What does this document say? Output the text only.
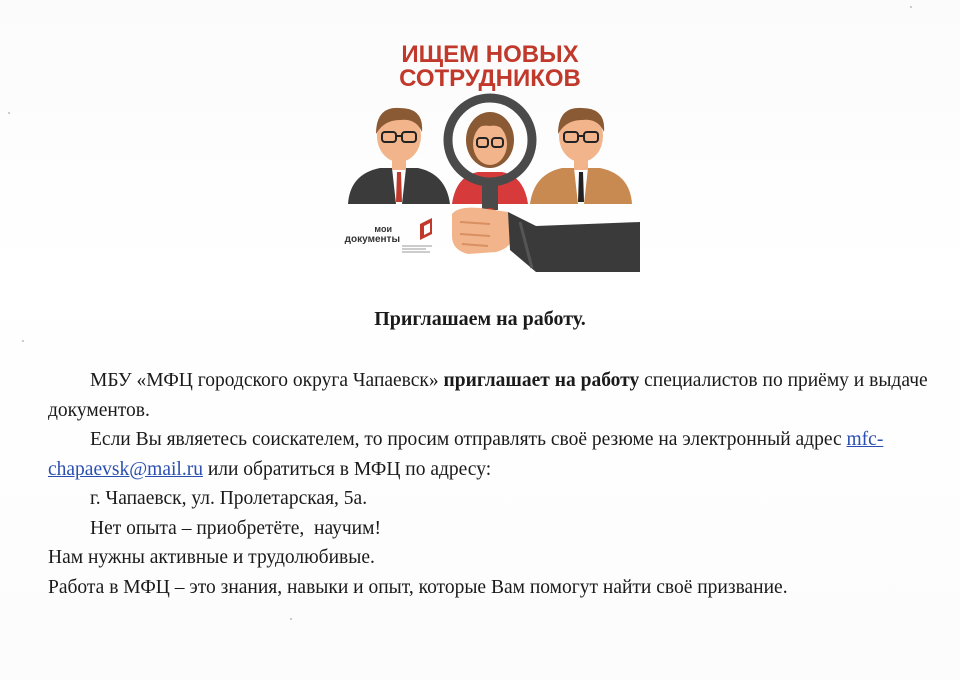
ИЩЕМ НОВЫХ
СОТРУДНИКОВ
мои
документы
Приглашаем на работу.

МБУ «МФЦ городского округа Чапаевск» приглашает на работу специалистов по приёму и выдаче документов.

Если Вы являетесь соискателем, то просим отправлять своё резюме на электронный адрес mfc-chapaevsk@mail.ru или обратиться в МФЦ по адресу:

г. Чапаевск, ул. Пролетарская, 5а.

Нет опыта – приобретёте,  научим!

Нам нужны активные и трудолюбивые.

Работа в МФЦ – это знания, навыки и опыт, которые Вам помогут найти своё призвание.
